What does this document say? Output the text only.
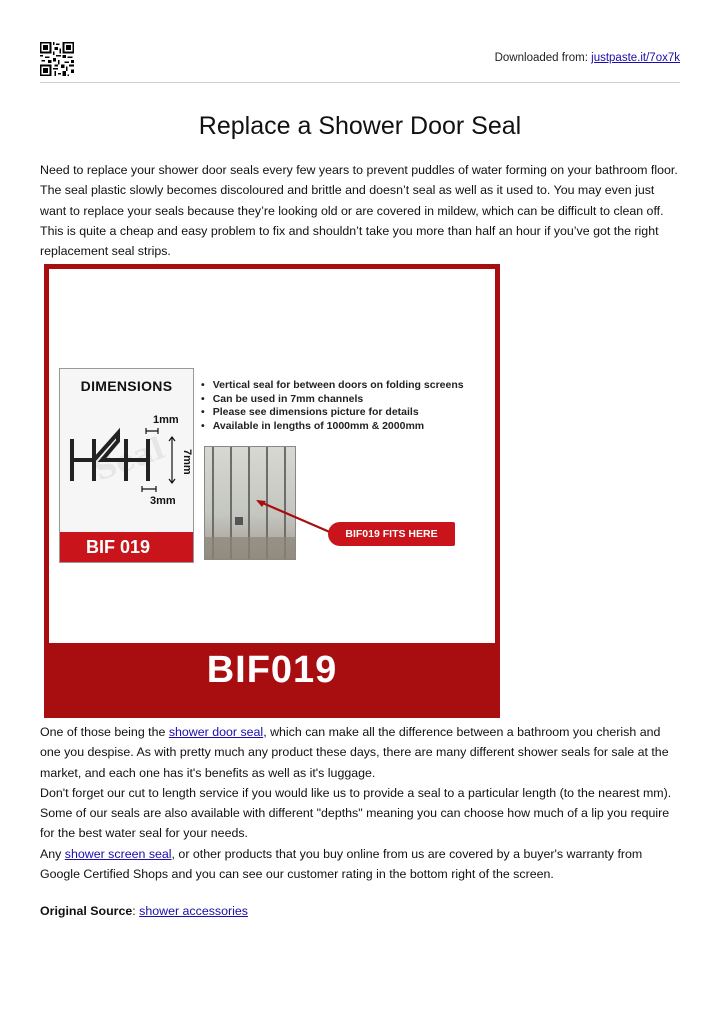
Downloaded from: justpaste.it/7ox7k
Replace a Shower Door Seal

Need to replace your shower door seals every few years to prevent puddles of water forming on your bathroom floor. The seal plastic slowly becomes discoloured and brittle and doesn’t seal as well as it used to. You may even just want to replace your seals because they’re looking old or are covered in mildew, which can be difficult to clean off. This is quite a cheap and easy problem to fix and shouldn’t take you more than half an hour if you’ve got the right replacement seal strips.

DIMENSIONS
Seal
1mm
7mm
3mm
BIF 019
• Vertical seal for between doors on folding screens
• Can be used in 7mm channels
• Please see dimensions picture for details
• Available in lengths of 1000mm & 2000mm
BIF019 FITS HERE
BIF019
One of those being the shower door seal, which can make all the difference between a bathroom you cherish and one you despise. As with pretty much any product these days, there are many different shower seals for sale at the market, and each one has it's benefits as well as it's luggage.
Don't forget our cut to length service if you would like us to provide a seal to a particular length (to the nearest mm). Some of our seals are also available with different "depths" meaning you can choose how much of a lip you require for the best water seal for your needs.
Any shower screen seal, or other products that you buy online from us are covered by a buyer's warranty from Google Certified Shops and you can see our customer rating in the bottom right of the screen.
Original Source: shower accessories
